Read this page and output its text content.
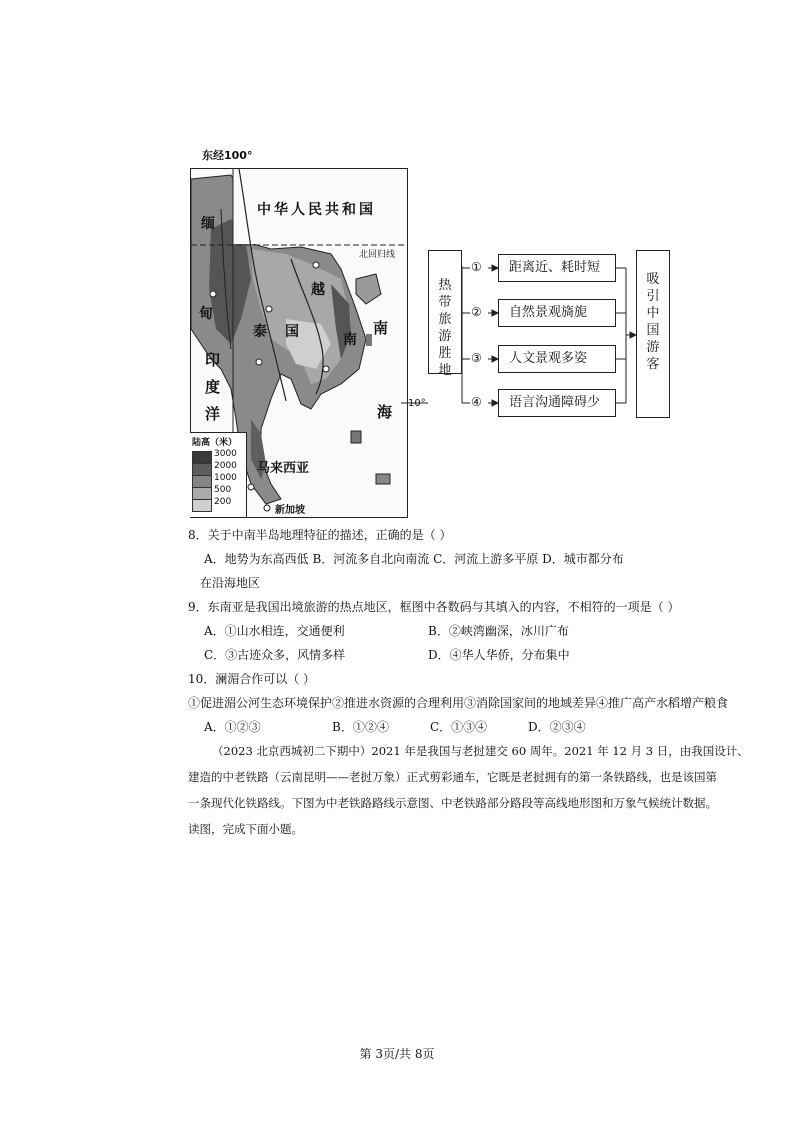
东经100°
中华人民共和国
北回归线
缅
甸
泰 国
越
南
印
度
洋
南
海
马来西亚
新加坡
10°
陆高（米）
3000
2000
1000
500
200
热带旅游胜地
①
②
③
④
距离近、耗时短
自然景观旖旎
人文景观多姿
语言沟通障碍少
吸引中国游客
8．关于中南半岛地理特征的描述，正确的是（ ）
A．地势为东高西低 B．河流多自北向南流 C．河流上游多平原 D．城市都分布
在沿海地区
9．东南亚是我国出境旅游的热点地区，框图中各数码与其填入的内容，不相符的一项是（ ）
A．①山水相连，交通便利	B．②峡湾幽深，冰川广布
C．③古迹众多，风情多样	D．④华人华侨，分布集中
10．澜湄合作可以（ ）
①促进湄公河生态环境保护②推进水资源的合理利用③消除国家间的地域差异④推广高产水稻增产粮食
A．①②③	B．①②④	C．①③④	D．②③④
（2023 北京西城初二下期中）2021 年是我国与老挝建交 60 周年。2021 年 12 月 3 日，由我国设计、
建造的中老铁路（云南昆明——老挝万象）正式剪彩通车，它既是老挝拥有的第一条铁路线，也是该国第
一条现代化铁路线。下图为中老铁路路线示意图、中老铁路部分路段等高线地形图和万象气候统计数据。
读图，完成下面小题。
第 3页/共 8页
